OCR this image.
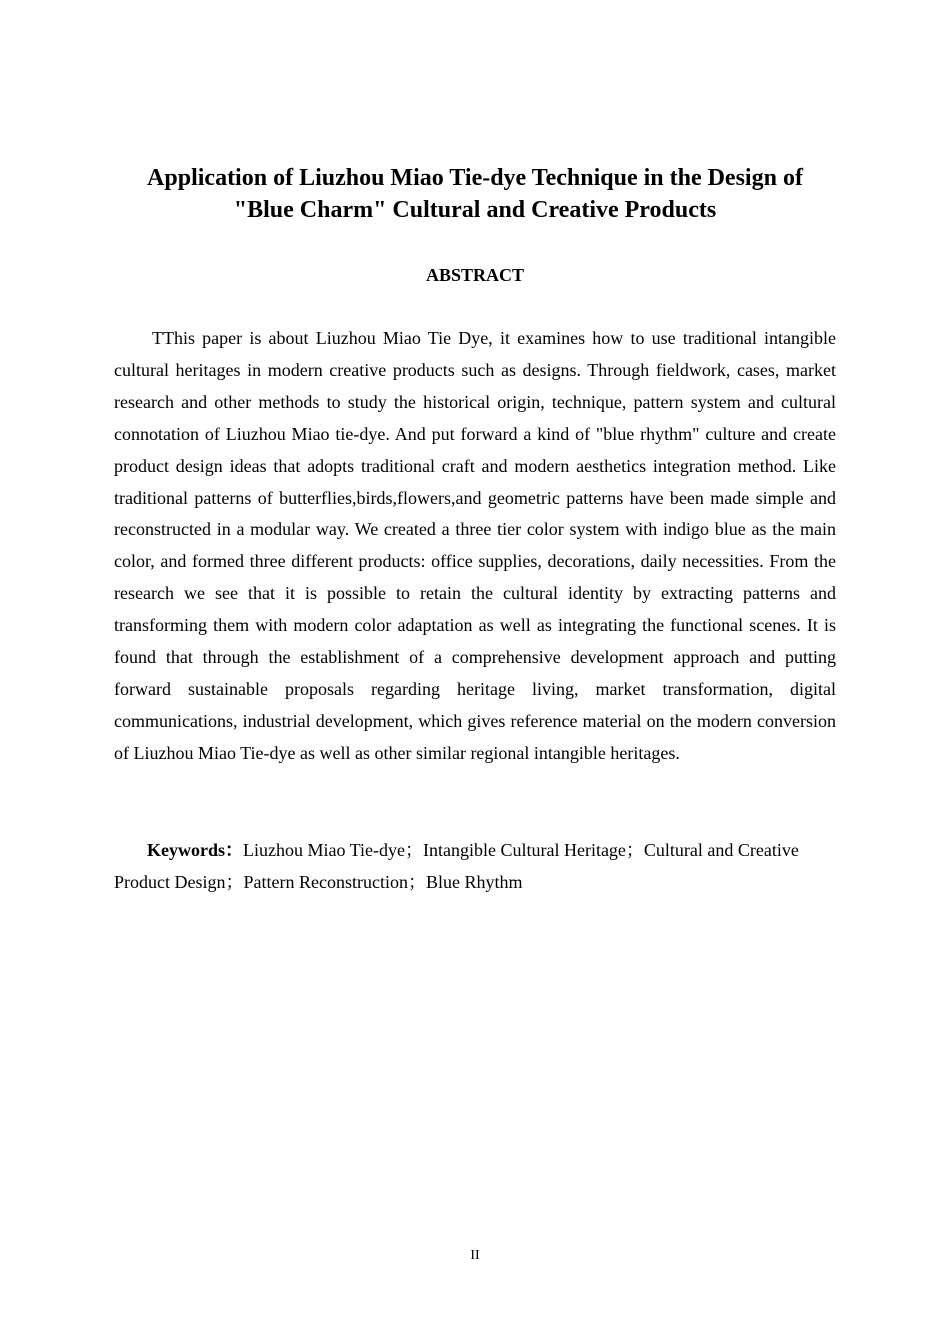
Application of Liuzhou Miao Tie-dye Technique in the Design of
"Blue Charm" Cultural and Creative Products
ABSTRACT

TThis paper is about Liuzhou Miao Tie Dye, it examines how to use traditional intangible cultural heritages in modern creative products such as designs. Through fieldwork, cases, market research and other methods to study the historical origin, technique, pattern system and cultural connotation of Liuzhou Miao tie-dye. And put forward a kind of "blue rhythm" culture and create product design ideas that adopts traditional craft and modern aesthetics integration method. Like traditional patterns of butterflies,birds,flowers,and geometric patterns have been made simple and reconstructed in a modular way. We created a three tier color system with indigo blue as the main color, and formed three different products: office supplies, decorations, daily necessities. From the research we see that it is possible to retain the cultural identity by extracting patterns and transforming them with modern color adaptation as well as integrating the functional scenes. It is found that through the establishment of a comprehensive development approach and putting forward sustainable proposals regarding heritage living, market transformation, digital communications, industrial development, which gives reference material on the modern conversion of Liuzhou Miao Tie-dye as well as other similar regional intangible heritages.

Keywords：Liuzhou Miao Tie-dye；Intangible Cultural Heritage；Cultural and Creative Product Design；Pattern Reconstruction；Blue Rhythm

II
